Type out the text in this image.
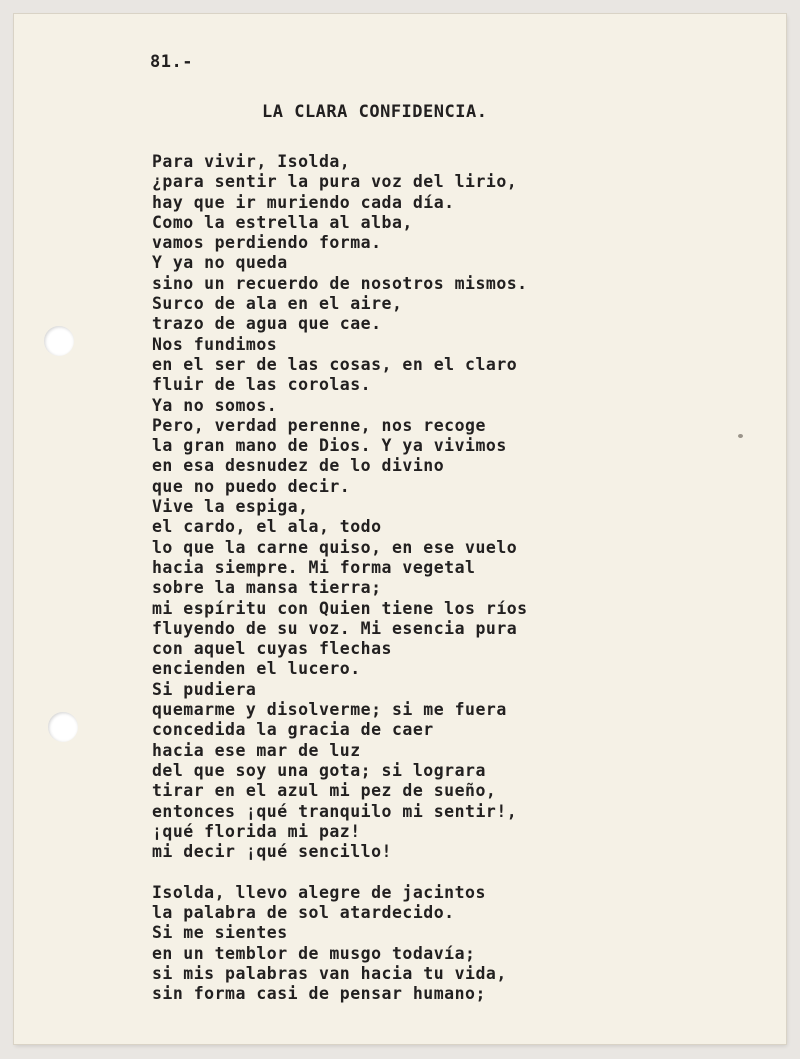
81.-
LA CLARA CONFIDENCIA.
Para vivir, Isolda,
¿para sentir la pura voz del lirio,
hay que ir muriendo cada día.
Como la estrella al alba,
vamos perdiendo forma.
Y ya no queda
sino un recuerdo de nosotros mismos.
Surco de ala en el aire,
trazo de agua que cae.
Nos fundimos
en el ser de las cosas, en el claro
fluir de las corolas.
Ya no somos.
Pero, verdad perenne, nos recoge
la gran mano de Dios. Y ya vivimos
en esa desnudez de lo divino
que no puedo decir.
Vive la espiga,
el cardo, el ala, todo
lo que la carne quiso, en ese vuelo
hacia siempre. Mi forma vegetal
sobre la mansa tierra;
mi espíritu con Quien tiene los ríos
fluyendo de su voz. Mi esencia pura
con aquel cuyas flechas
encienden el lucero.
Si pudiera
quemarme y disolverme; si me fuera
concedida la gracia de caer
hacia ese mar de luz
del que soy una gota; si lograra
tirar en el azul mi pez de sueño,
entonces ¡qué tranquilo mi sentir!,
¡qué florida mi paz!
mi decir ¡qué sencillo!
Isolda, llevo alegre de jacintos
la palabra de sol atardecido.
Si me sientes
en un temblor de musgo todavía;
si mis palabras van hacia tu vida,
sin forma casi de pensar humano;
